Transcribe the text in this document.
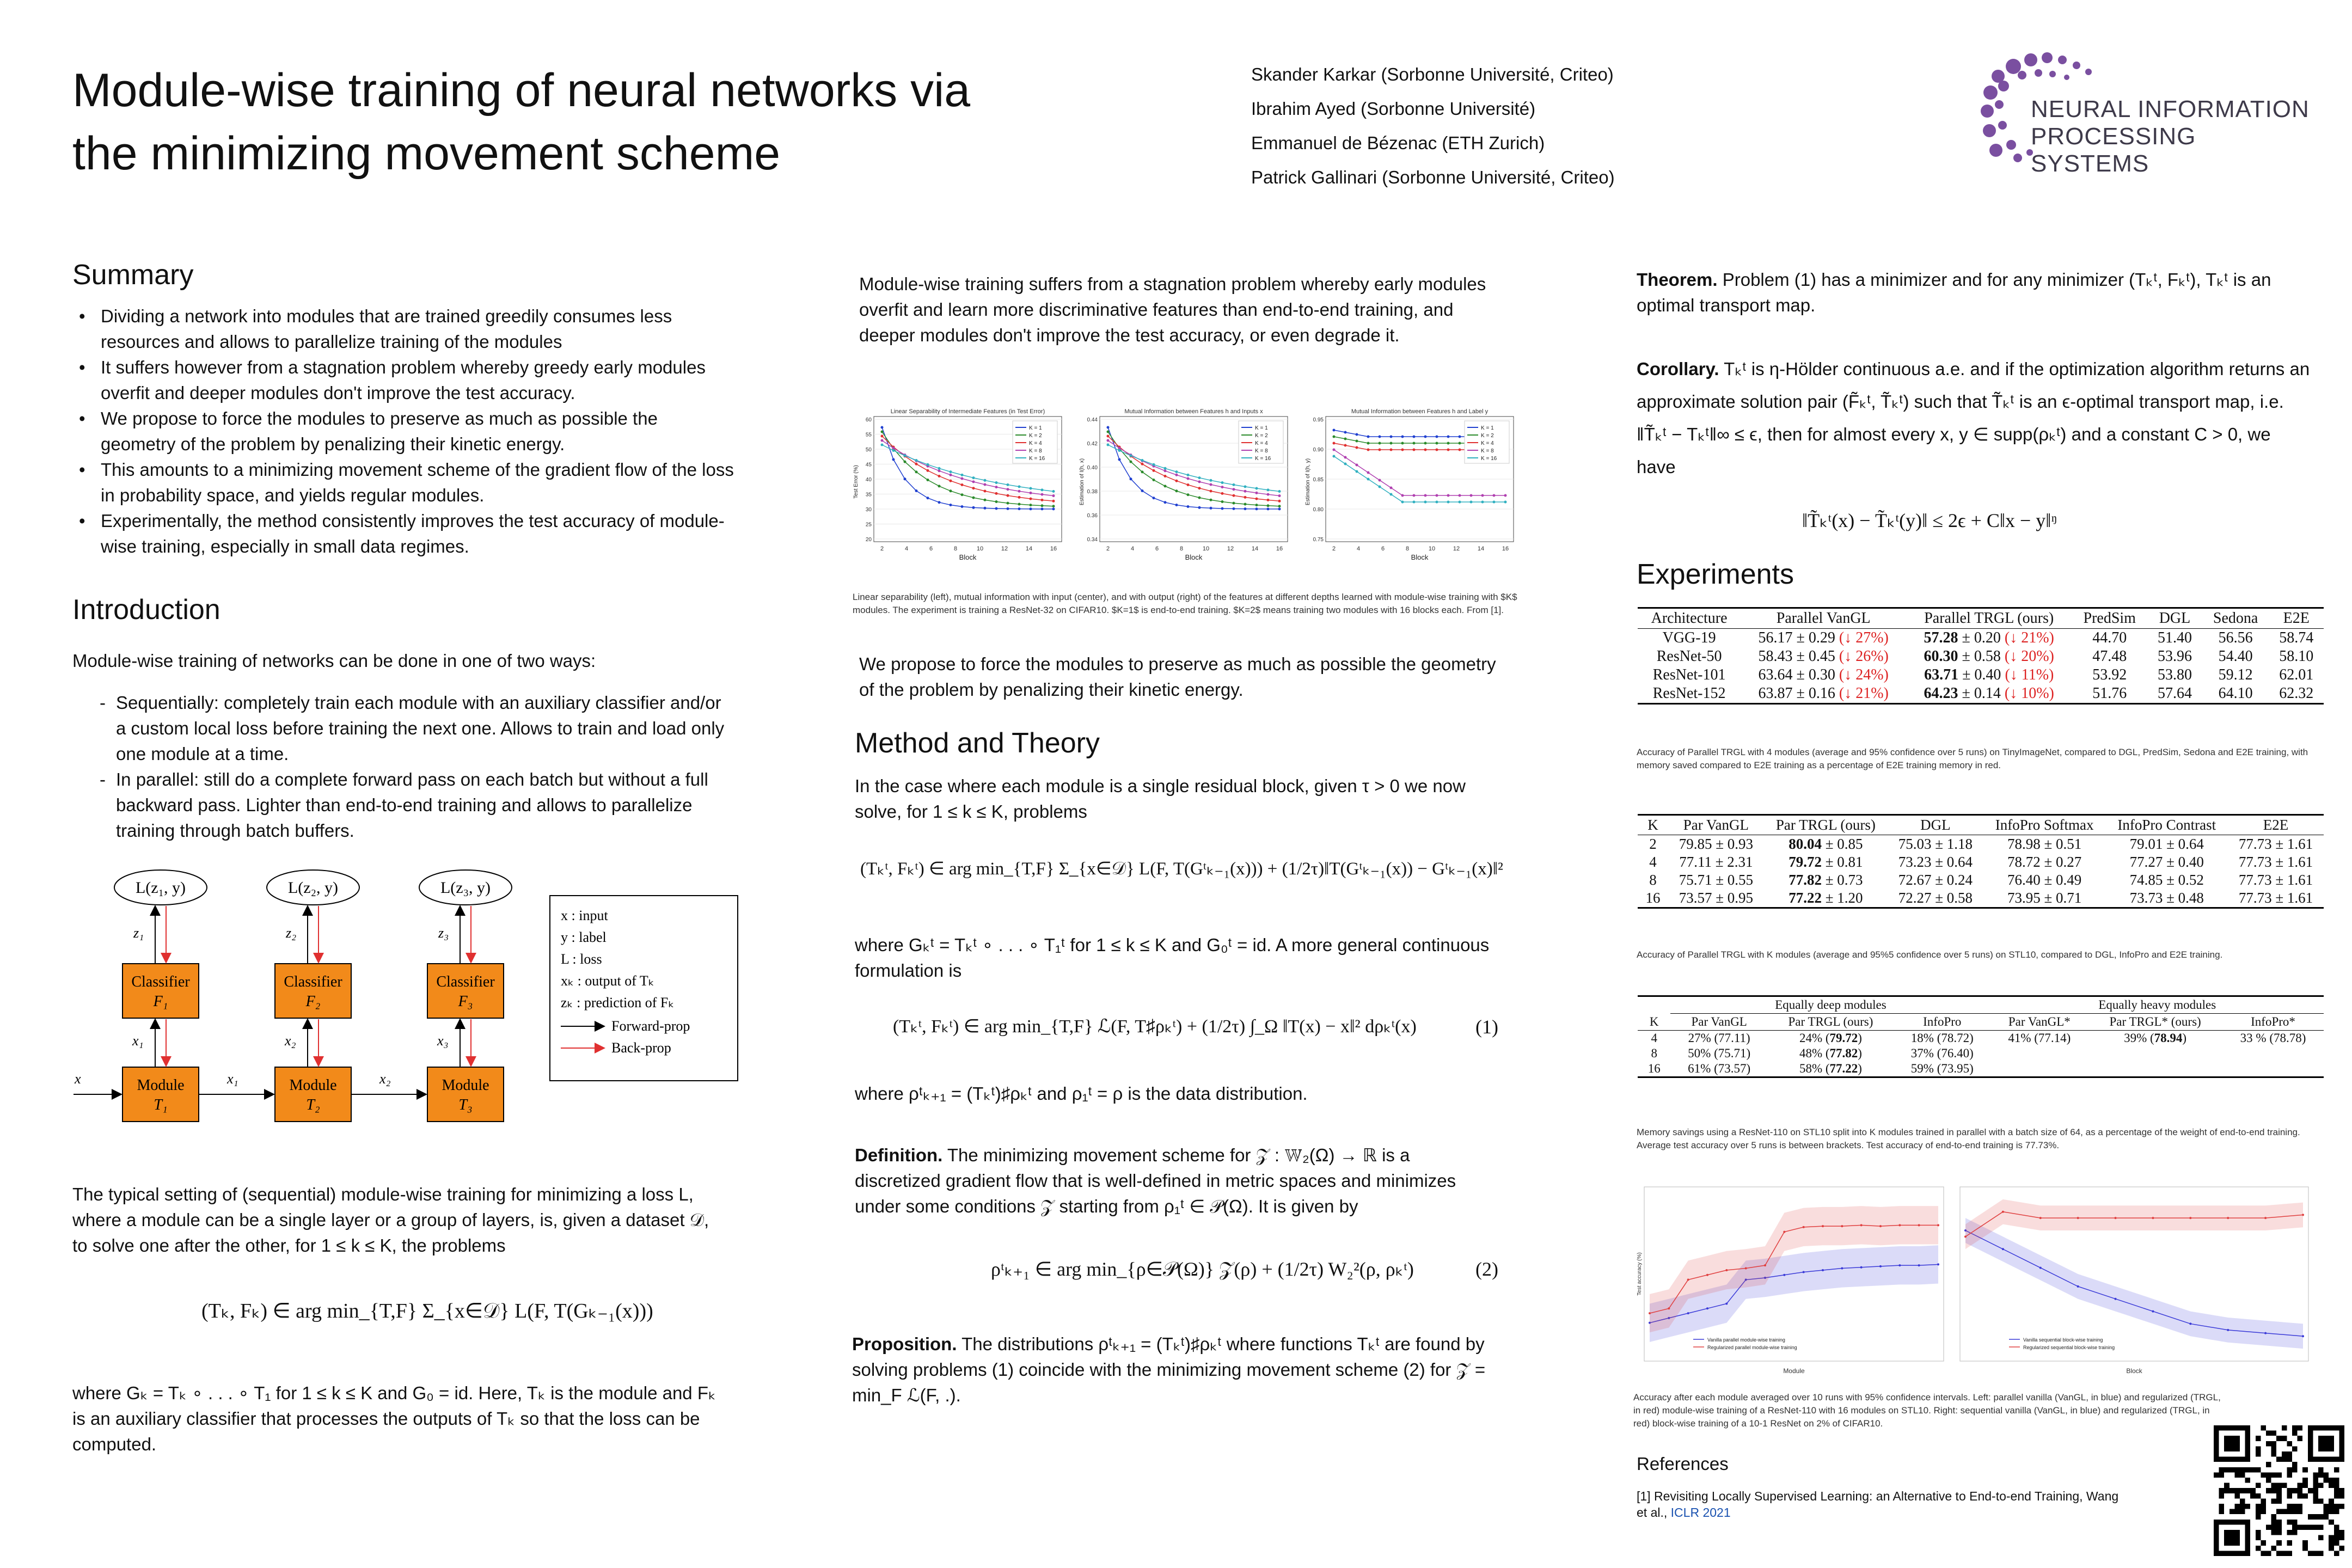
Module-wise training of neural networks via
the minimizing movement scheme
Skander Karkar (Sorbonne Université, Criteo)
Ibrahim Ayed (Sorbonne Université)
Emmanuel de Bézenac (ETH Zurich)
Patrick Gallinari (Sorbonne Université, Criteo)
NEURAL INFORMATION
PROCESSING SYSTEMS
Summary
• Dividing a network into modules that are trained greedily consumes less resources and allows to parallelize training of the modules
• It suffers however from a stagnation problem whereby greedy early modules overfit and deeper modules don't improve the test accuracy.
• We propose to force the modules to preserve as much as possible the geometry of the problem by penalizing their kinetic energy.
• This amounts to a minimizing movement scheme of the gradient flow of the loss in probability space, and yields regular modules.
• Experimentally, the method consistently improves the test accuracy of module-wise training, especially in small data regimes.
Introduction
Module-wise training of networks can be done in one of two ways:
- Sequentially: completely train each module with an auxiliary classifier and/or a custom local loss before training the next one. Allows to train and load only one module at a time.
- In parallel: still do a complete forward pass on each batch but without a full backward pass. Lighter than end-to-end training and allows to parallelize training through batch buffers.
L(z₁, y)
Classifier
F₁
Module
T₁
z₁
x₁
L(z₂, y)
Classifier
F₂
Module
T₂
z₂
x₂
L(z₃, y)
Classifier
F₃
Module
T₃
z₃
x₃
x	x₁	x₂
x : input
y : label
L : loss
xₖ : output of Tₖ
zₖ : prediction of Fₖ
Forward-prop
Back-prop
The typical setting of (sequential) module-wise training for minimizing a loss L, where a module can be a single layer or a group of layers, is, given a dataset 𝒟, to solve one after the other, for 1 ≤ k ≤ K, the problems
(Tₖ, Fₖ) ∈ arg min_{T,F} Σ_{x∈𝒟} L(F, T(Gₖ₋₁(x)))
where Gₖ = Tₖ ∘ . . . ∘ T₁ for 1 ≤ k ≤ K and G₀ = id. Here, Tₖ is the module and Fₖ is an auxiliary classifier that processes the outputs of Tₖ so that the loss can be computed.
Module-wise training suffers from a stagnation problem whereby early modules overfit and learn more discriminative features than end-to-end training, and deeper modules don't improve the test accuracy, or even degrade it.
Linear Separability of Intermediate Features (in Test Error)
2	4	6	8	10	12	14	16
20
25
30
35
40
45
50
55
60
Block
Test Error (%)
K = 1
K = 2
K = 4
K = 8
K = 16
Mutual Information between Features h and Inputs x
2	4	6	8	10	12	14	16
0.34
0.36
0.38
0.40
0.42
0.44
Block
Estimation of I(h, x)
K = 1
K = 2
K = 4
K = 8
K = 16
Mutual Information between Features h and Label y
2	4	6	8	10	12	14	16
0.75
0.80
0.85
0.90
0.95
Block
Estimation of I(h, y)
K = 1
K = 2
K = 4
K = 8
K = 16
Linear separability (left), mutual information with input (center), and with output (right) of the features at different depths learned with module-wise training with $K$ modules. The experiment is training a ResNet-32 on CIFAR10. $K=1$ is end-to-end training. $K=2$ means training two modules with 16 blocks each. From [1].
We propose to force the modules to preserve as much as possible the geometry of the problem by penalizing their kinetic energy.
Method and Theory
In the case where each module is a single residual block, given τ > 0 we now solve, for 1 ≤ k ≤ K, problems
(Tₖᵗ, Fₖᵗ) ∈ arg min_{T,F} Σ_{x∈𝒟} L(F, T(Gᵗₖ₋₁(x))) + (1/2τ)‖T(Gᵗₖ₋₁(x)) − Gᵗₖ₋₁(x)‖²
where Gₖᵗ = Tₖᵗ ∘ . . . ∘ T₁ᵗ for 1 ≤ k ≤ K and G₀ᵗ = id. A more general continuous formulation is
(Tₖᵗ, Fₖᵗ) ∈ arg min_{T,F} ℒ(F, T♯ρₖᵗ) + (1/2τ) ∫_Ω ‖T(x) − x‖² dρₖᵗ(x)	(1)
where ρᵗₖ₊₁ = (Tₖᵗ)♯ρₖᵗ and ρ₁ᵗ = ρ is the data distribution.
Definition. The minimizing movement scheme for 𝒵 : 𝕎₂(Ω) → ℝ is a discretized gradient flow that is well-defined in metric spaces and minimizes under some conditions 𝒵 starting from ρ₁ᵗ ∈ 𝒫(Ω). It is given by
ρᵗₖ₊₁ ∈ arg min_{ρ∈𝒫(Ω)} 𝒵(ρ) + (1/2τ) W₂²(ρ, ρₖᵗ)	(2)
Proposition. The distributions ρᵗₖ₊₁ = (Tₖᵗ)♯ρₖᵗ where functions Tₖᵗ are found by solving problems (1) coincide with the minimizing movement scheme (2) for 𝒵 = min_F ℒ(F, .).
Theorem. Problem (1) has a minimizer and for any minimizer (Tₖᵗ, Fₖᵗ), Tₖᵗ is an optimal transport map.
Corollary. Tₖᵗ is η-Hölder continuous a.e. and if the optimization algorithm returns an approximate solution pair (F̃ₖᵗ, T̃ₖᵗ) such that T̃ₖᵗ is an ϵ-optimal transport map, i.e. ‖T̃ₖᵗ − Tₖᵗ‖∞ ≤ ϵ, then for almost every x, y ∈ supp(ρₖᵗ) and a constant C > 0, we have
‖T̃ₖᵗ(x) − T̃ₖᵗ(y)‖ ≤ 2ϵ + C‖x − y‖ᵑ
Experiments
Architecture	Parallel VanGL	Parallel TRGL (ours)	PredSim	DGL	Sedona	E2E
VGG-19	56.17 ± 0.29 (↓ 27%)	57.28 ± 0.20 (↓ 21%)	44.70	51.40	56.56	58.74
ResNet-50	58.43 ± 0.45 (↓ 26%)	60.30 ± 0.58 (↓ 20%)	47.48	53.96	54.40	58.10
ResNet-101	63.64 ± 0.30 (↓ 24%)	63.71 ± 0.40 (↓ 11%)	53.92	53.80	59.12	62.01
ResNet-152	63.87 ± 0.16 (↓ 21%)	64.23 ± 0.14 (↓ 10%)	51.76	57.64	64.10	62.32
Accuracy of Parallel TRGL with 4 modules (average and 95% confidence over 5 runs) on TinyImageNet, compared to DGL, PredSim, Sedona and E2E training, with memory saved compared to E2E training as a percentage of E2E training memory in red.
K	Par VanGL	Par TRGL (ours)	DGL	InfoPro Softmax	InfoPro Contrast	E2E
2	79.85 ± 0.93	80.04 ± 0.85	75.03 ± 1.18	78.98 ± 0.51	79.01 ± 0.64	77.73 ± 1.61
4	77.11 ± 2.31	79.72 ± 0.81	73.23 ± 0.64	78.72 ± 0.27	77.27 ± 0.40	77.73 ± 1.61
8	75.71 ± 0.55	77.82 ± 0.73	72.67 ± 0.24	76.40 ± 0.49	74.85 ± 0.52	77.73 ± 1.61
16	73.57 ± 0.95	77.22 ± 1.20	72.27 ± 0.58	73.95 ± 0.71	73.73 ± 0.48	77.73 ± 1.61
Accuracy of Parallel TRGL with K modules (average and 95%5 confidence over 5 runs) on STL10, compared to DGL, InfoPro and E2E training.
	Equally deep modules			Equally heavy modules		
K	Par VanGL	Par TRGL (ours)	InfoPro	Par VanGL*	Par TRGL* (ours)	InfoPro*
4	27% (77.11)	24% (79.72)	18% (78.72)	41% (77.14)	39% (78.94)	33 % (78.78)
8	50% (75.71)	48% (77.82)	37% (76.40)			
16	61% (73.57)	58% (77.22)	59% (73.95)			
Memory savings using a ResNet-110 on STL10 split into K modules trained in parallel with a batch size of 64, as a percentage of the weight of end-to-end training. Average test accuracy over 5 runs is between brackets. Test accuracy of end-to-end training is 77.73%.
Module
Test accuracy (%)
Vanilla parallel module-wise training
Regularized parallel module-wise training
Block
Vanilla sequential block-wise training
Regularized sequential block-wise training
Accuracy after each module averaged over 10 runs with 95% confidence intervals. Left: parallel vanilla (VanGL, in blue) and regularized (TRGL, in red) module-wise training of a ResNet-110 with 16 modules on STL10. Right: sequential vanilla (VanGL, in blue) and regularized (TRGL, in red) block-wise training of a 10-1 ResNet on 2% of CIFAR10.
References
[1] Revisiting Locally Supervised Learning: an Alternative to End-to-end Training, Wang et al., ICLR 2021
